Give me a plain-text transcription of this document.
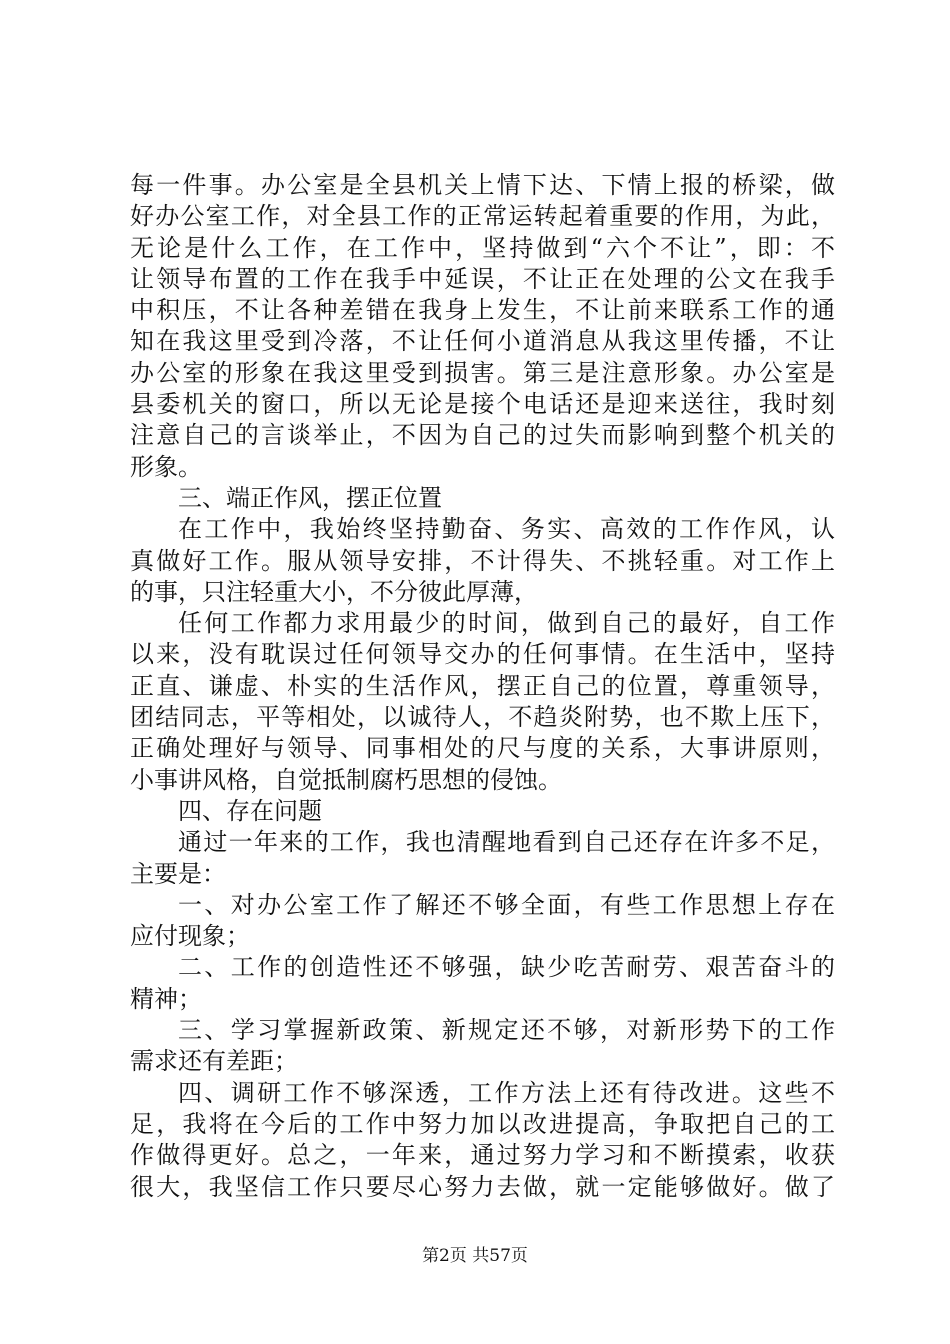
每一件事。办公室是全县机关上情下达、下情上报的桥梁，做
好办公室工作，对全县工作的正常运转起着重要的作用，为此，
无论是什么工作，在工作中，坚持做到“六个不让”，即：不
让领导布置的工作在我手中延误，不让正在处理的公文在我手
中积压，不让各种差错在我身上发生，不让前来联系工作的通
知在我这里受到冷落，不让任何小道消息从我这里传播，不让
办公室的形象在我这里受到损害。第三是注意形象。办公室是
县委机关的窗口，所以无论是接个电话还是迎来送往，我时刻
注意自己的言谈举止，不因为自己的过失而影响到整个机关的
形象。
三、端正作风，摆正位置
在工作中，我始终坚持勤奋、务实、高效的工作作风，认
真做好工作。服从领导安排，不计得失、不挑轻重。对工作上
的事，只注轻重大小，不分彼此厚薄，
任何工作都力求用最少的时间，做到自己的最好，自工作
以来，没有耽误过任何领导交办的任何事情。在生活中，坚持
正直、谦虚、朴实的生活作风，摆正自己的位置，尊重领导，
团结同志，平等相处，以诚待人，不趋炎附势，也不欺上压下，
正确处理好与领导、同事相处的尺与度的关系，大事讲原则，
小事讲风格，自觉抵制腐朽思想的侵蚀。
四、存在问题
通过一年来的工作，我也清醒地看到自己还存在许多不足，
主要是：
一、对办公室工作了解还不够全面，有些工作思想上存在
应付现象；
二、工作的创造性还不够强，缺少吃苦耐劳、艰苦奋斗的
精神；
三、学习掌握新政策、新规定还不够，对新形势下的工作
需求还有差距；
四、调研工作不够深透，工作方法上还有待改进。这些不
足，我将在今后的工作中努力加以改进提高，争取把自己的工
作做得更好。总之，一年来，通过努力学习和不断摸索，收获
很大，我坚信工作只要尽心努力去做，就一定能够做好。做了
第2页 共57页
